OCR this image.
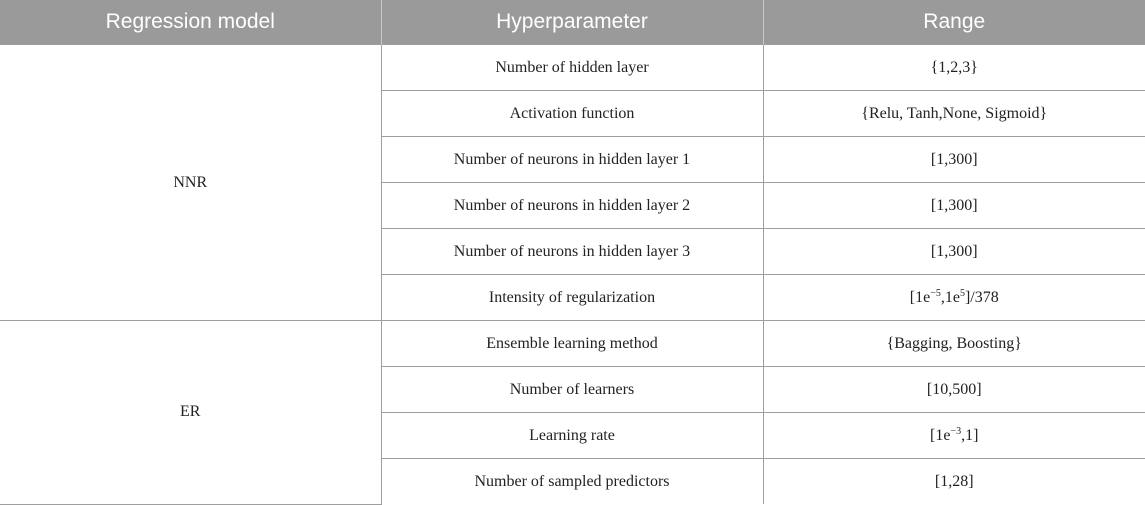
Regression model	Hyperparameter	Range
NNR	Number of hidden layer	{1,2,3}
	Activation function	{Relu, Tanh,None, Sigmoid}
	Number of neurons in hidden layer 1	[1,300]
	Number of neurons in hidden layer 2	[1,300]
	Number of neurons in hidden layer 3	[1,300]
	Intensity of regularization	$[1e^{-5},1e^5]/378$
ER	Ensemble learning method	{Bagging, Boosting}
	Number of learners	[10,500]
	Learning rate	$[1e^{-3},1]$
	Number of sampled predictors	[1,28]
